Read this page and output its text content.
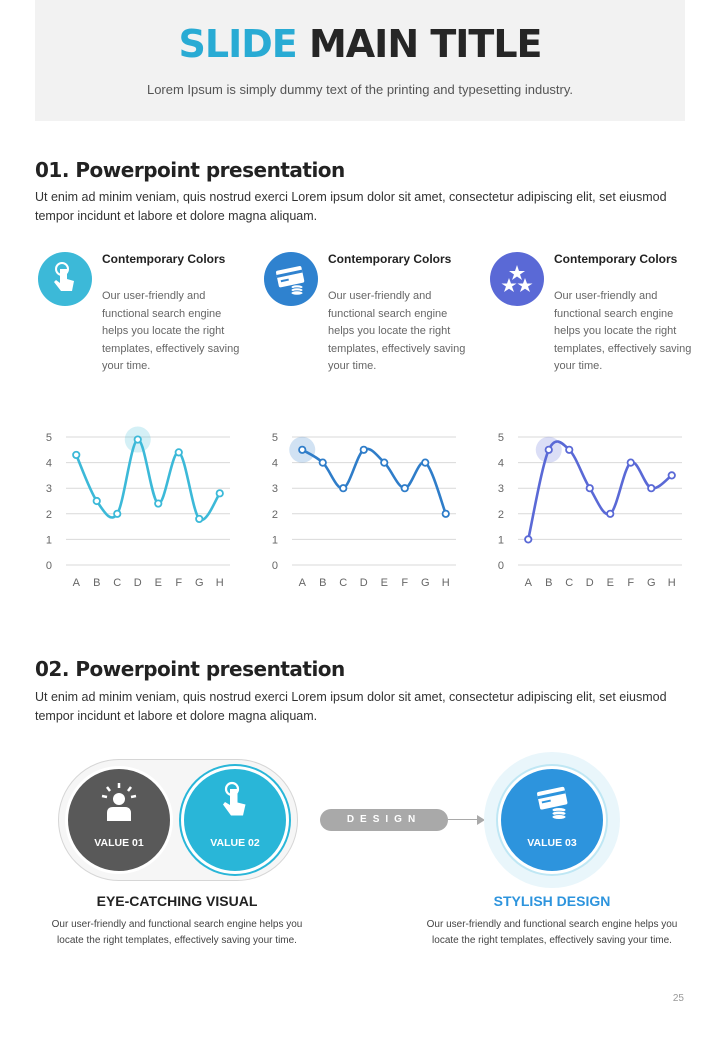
SLIDE MAIN TITLE
Lorem Ipsum is simply dummy text of the printing and typesetting industry.
01. Powerpoint presentation
Ut enim ad minim veniam, quis nostrud exerci Lorem ipsum dolor sit amet, consectetur adipiscing elit, set eiusmod tempor incidunt et labore et dolore magna aliquam.
Contemporary Colors
Our user-friendly and functional search engine helps you locate the right templates, effectively saving your time.
Contemporary Colors
Our user-friendly and functional search engine helps you locate the right templates, effectively saving your time.
Contemporary Colors
Our user-friendly and functional search engine helps you locate the right templates, effectively saving your time.
0
1
2
3
4
5
A B C D E F G H
0
1
2
3
4
5
A B C D E F G H
0
1
2
3
4
5
A B C D E F G H
02. Powerpoint presentation
Ut enim ad minim veniam, quis nostrud exerci Lorem ipsum dolor sit amet, consectetur adipiscing elit, set eiusmod tempor incidunt et labore et dolore magna aliquam.
VALUE 01	VALUE 02
DESIGN
VALUE 03
EYE-CATCHING VISUAL
Our user-friendly and functional search engine helps you locate the right templates, effectively saving your time.
STYLISH DESIGN
Our user-friendly and functional search engine helps you locate the right templates, effectively saving your time.
25
